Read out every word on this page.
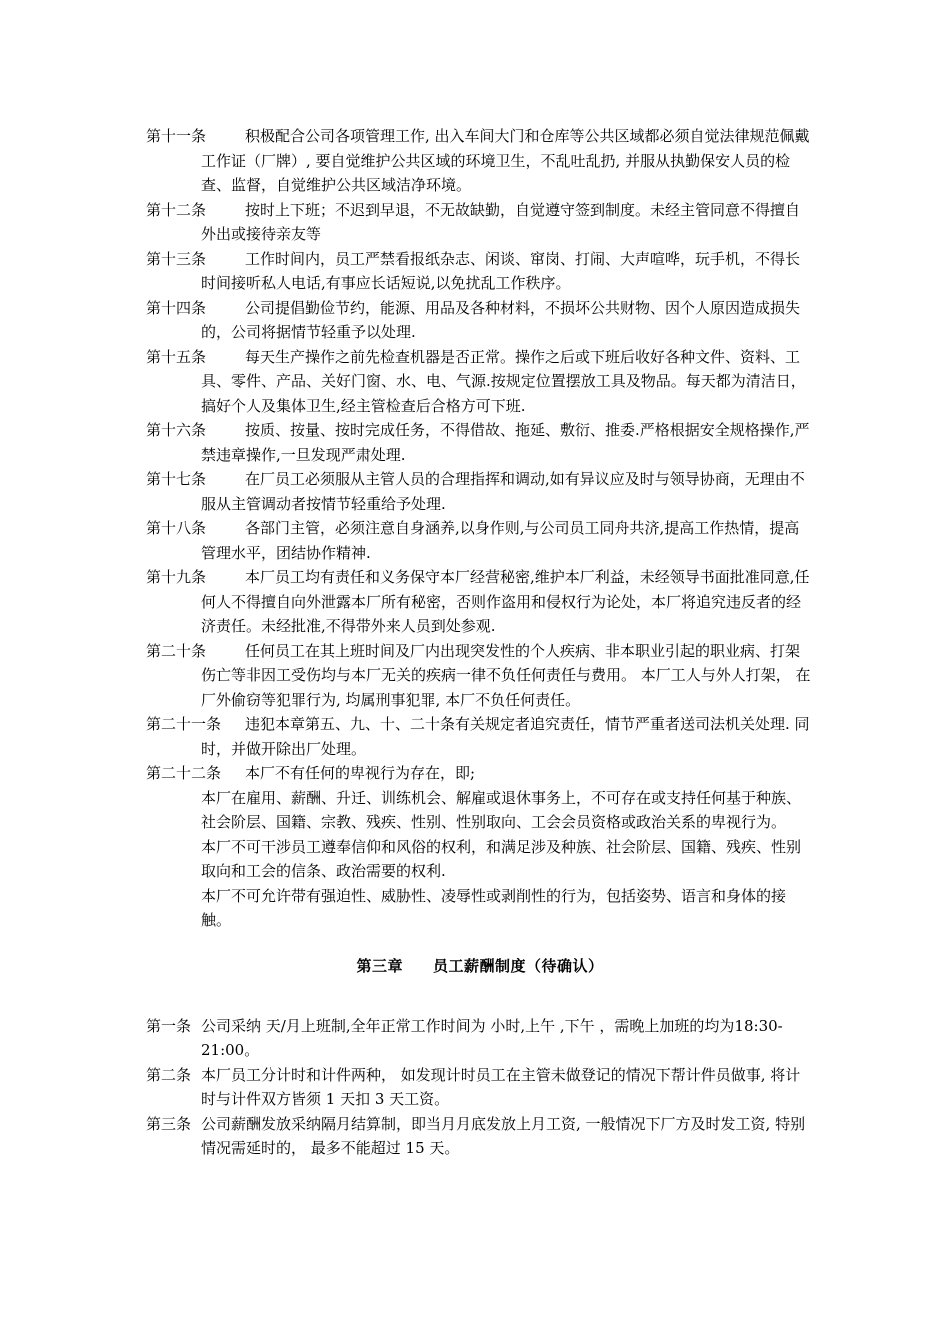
第十一条	积极配合公司各项管理工作, 出入车间大门和仓库等公共区域都必须自觉法律规范佩戴工作证（厂牌）, 要自觉维护公共区域的环境卫生，不乱吐乱扔, 并服从执勤保安人员的检查、监督，自觉维护公共区域洁净环境。
第十二条	按时上下班；不迟到早退，不无故缺勤，自觉遵守签到制度。未经主管同意不得擅自外出或接待亲友等
第十三条	工作时间内，员工严禁看报纸杂志、闲谈、窜岗、打闹、大声喧哗，玩手机，不得长时间接听私人电话,有事应长话短说,以免扰乱工作秩序。
第十四条	公司提倡勤俭节约，能源、用品及各种材料，不损坏公共财物、因个人原因造成损失的，公司将据情节轻重予以处理.
第十五条	每天生产操作之前先检查机器是否正常。操作之后或下班后收好各种文件、资料、工具、零件、产品、关好门窗、水、电、气源.按规定位置摆放工具及物品。每天都为清洁日，搞好个人及集体卫生,经主管检查后合格方可下班.
第十六条	按质、按量、按时完成任务，不得借故、拖延、敷衍、推委.严格根据安全规格操作,严禁违章操作,一旦发现严肃处理.
第十七条	在厂员工必须服从主管人员的合理指挥和调动,如有异议应及时与领导协商，无理由不服从主管调动者按情节轻重给予处理.
第十八条	各部门主管，必须注意自身涵养,以身作则,与公司员工同舟共济,提高工作热情，提高管理水平，团结协作精神.
第十九条	本厂员工均有责任和义务保守本厂经营秘密,维护本厂利益，未经领导书面批准同意,任何人不得擅自向外泄露本厂所有秘密，否则作盗用和侵权行为论处，本厂将追究违反者的经济责任。未经批准,不得带外来人员到处参观.
第二十条	任何员工在其上班时间及厂内出现突发性的个人疾病、非本职业引起的职业病、打架伤亡等非因工受伤均与本厂无关的疾病一律不负任何责任与费用。 本厂工人与外人打架， 在厂外偷窃等犯罪行为, 均属刑事犯罪, 本厂不负任何责任。
第二十一条	违犯本章第五、九、十、二十条有关规定者追究责任，情节严重者送司法机关处理. 同时，并做开除出厂处理。
第二十二条	本厂不有任何的卑视行为存在，即;

本厂在雇用、薪酬、升迁、训练机会、解雇或退休事务上，不可存在或支持任何基于种族、社会阶层、国籍、宗教、残疾、性别、性别取向、工会会员资格或政治关系的卑视行为。

本厂不可干涉员工遵奉信仰和风俗的权利，和满足涉及种族、社会阶层、国籍、残疾、性别取向和工会的信条、政治需要的权利.

本厂不可允许带有强迫性、威胁性、凌辱性或剥削性的行为，包括姿势、语言和身体的接触。

第三章 员工薪酬制度（待确认）
第一条 公司采纳 天/月上班制,全年正常工作时间为 小时,上午 ,下午 ，需晚上加班的均为18:30-21:00。
第二条 本厂员工分计时和计件两种， 如发现计时员工在主管未做登记的情况下帮计件员做事, 将计时与计件双方皆须 1 天扣 3 天工资。
第三条 公司薪酬发放采纳隔月结算制，即当月月底发放上月工资, 一般情况下厂方及时发工资, 特别情况需延时的， 最多不能超过 15 天。
